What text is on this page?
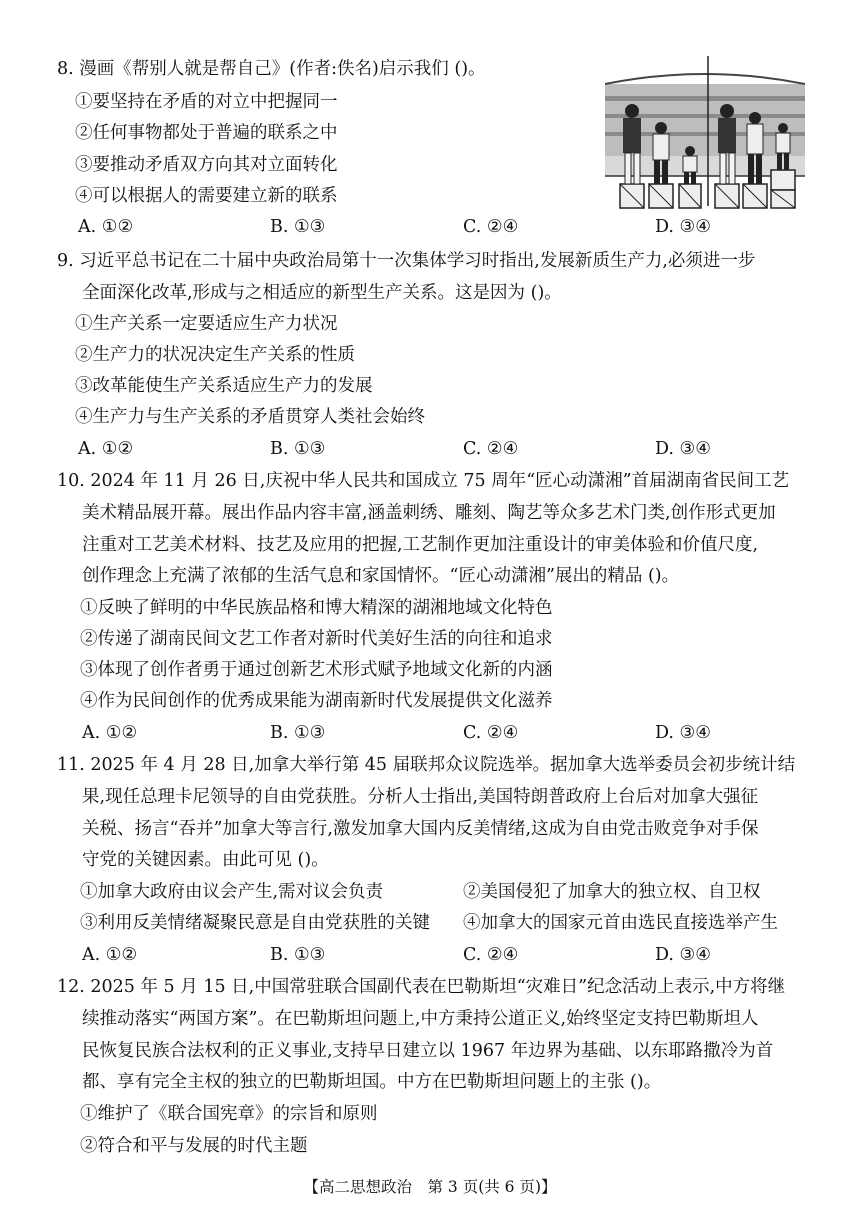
8. 漫画《帮别人就是帮自己》(作者:佚名)启示我们 ()。
①要坚持在矛盾的对立中把握同一
②任何事物都处于普遍的联系之中
③要推动矛盾双方向其对立面转化
④可以根据人的需要建立新的联系
A. ①②	B. ①③	C. ②④	D. ③④
9. 习近平总书记在二十届中央政治局第十一次集体学习时指出,发展新质生产力,必须进一步
全面深化改革,形成与之相适应的新型生产关系。这是因为 ()。
①生产关系一定要适应生产力状况
②生产力的状况决定生产关系的性质
③改革能使生产关系适应生产力的发展
④生产力与生产关系的矛盾贯穿人类社会始终
A. ①②	B. ①③	C. ②④	D. ③④
10. 2024 年 11 月 26 日,庆祝中华人民共和国成立 75 周年“匠心动潇湘”首届湖南省民间工艺
美术精品展开幕。展出作品内容丰富,涵盖刺绣、雕刻、陶艺等众多艺术门类,创作形式更加
注重对工艺美术材料、技艺及应用的把握,工艺制作更加注重设计的审美体验和价值尺度,
创作理念上充满了浓郁的生活气息和家国情怀。“匠心动潇湘”展出的精品 ()。
①反映了鲜明的中华民族品格和博大精深的湖湘地域文化特色
②传递了湖南民间文艺工作者对新时代美好生活的向往和追求
③体现了创作者勇于通过创新艺术形式赋予地域文化新的内涵
④作为民间创作的优秀成果能为湖南新时代发展提供文化滋养
A. ①②	B. ①③	C. ②④	D. ③④
11. 2025 年 4 月 28 日,加拿大举行第 45 届联邦众议院选举。据加拿大选举委员会初步统计结
果,现任总理卡尼领导的自由党获胜。分析人士指出,美国特朗普政府上台后对加拿大强征
关税、扬言“吞并”加拿大等言行,激发加拿大国内反美情绪,这成为自由党击败竞争对手保
守党的关键因素。由此可见 ()。
①加拿大政府由议会产生,需对议会负责	②美国侵犯了加拿大的独立权、自卫权
③利用反美情绪凝聚民意是自由党获胜的关键 ④加拿大的国家元首由选民直接选举产生
A. ①②	B. ①③	C. ②④	D. ③④
12. 2025 年 5 月 15 日,中国常驻联合国副代表在巴勒斯坦“灾难日”纪念活动上表示,中方将继
续推动落实“两国方案”。在巴勒斯坦问题上,中方秉持公道正义,始终坚定支持巴勒斯坦人
民恢复民族合法权利的正义事业,支持早日建立以 1967 年边界为基础、以东耶路撒冷为首
都、享有完全主权的独立的巴勒斯坦国。中方在巴勒斯坦问题上的主张 ()。
①维护了《联合国宪章》的宗旨和原则
②符合和平与发展的时代主题
【高二思想政治　第 3 页(共 6 页)】
